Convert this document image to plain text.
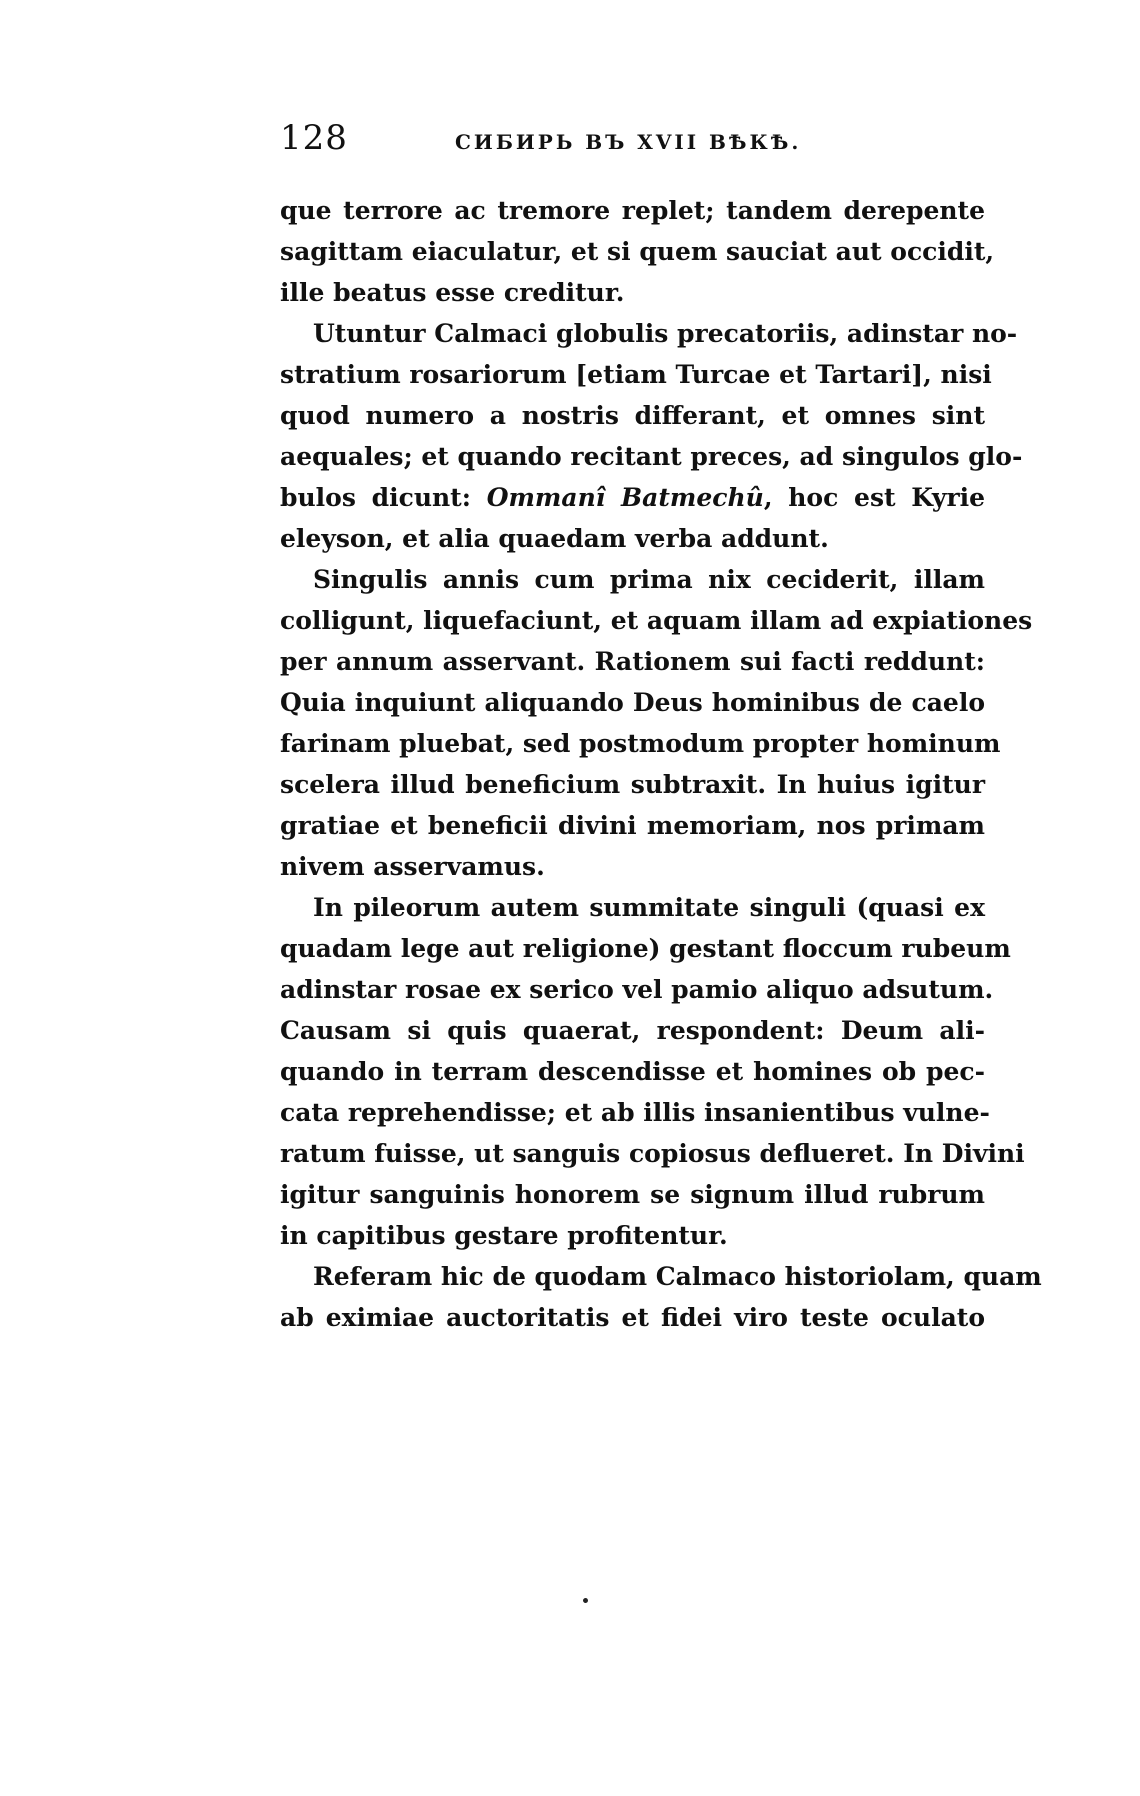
128	СИБИРЬ ВЪ XVII ВѢКѢ.
que terrore ac tremore replet; tandem derepente
sagittam eiaculatur, et si quem sauciat aut occidit,
ille beatus esse creditur.
Utuntur Calmaci globulis precatoriis, adinstar no-
stratium rosariorum [etiam Turcae et Tartari], nisi
quod numero a nostris differant, et omnes sint
aequales; et quando recitant preces, ad singulos glo-
bulos dicunt: Ommanî Batmechû, hoc est Kyrie
eleyson, et alia quaedam verba addunt.
Singulis annis cum prima nix ceciderit, illam
colligunt, liquefaciunt, et aquam illam ad expiationes
per annum asservant. Rationem sui facti reddunt:
Quia inquiunt aliquando Deus hominibus de caelo
farinam pluebat, sed postmodum propter hominum
scelera illud beneficium subtraxit. In huius igitur
gratiae et beneficii divini memoriam, nos primam
nivem asservamus.
In pileorum autem summitate singuli (quasi ex
quadam lege aut religione) gestant floccum rubeum
adinstar rosae ex serico vel pamio aliquo adsutum.
Causam si quis quaerat, respondent: Deum ali-
quando in terram descendisse et homines ob pec-
cata reprehendisse; et ab illis insanientibus vulne-
ratum fuisse, ut sanguis copiosus deflueret. In Divini
igitur sanguinis honorem se signum illud rubrum
in capitibus gestare profitentur.
Referam hic de quodam Calmaco historiolam, quam
ab eximiae auctoritatis et fidei viro teste oculato
